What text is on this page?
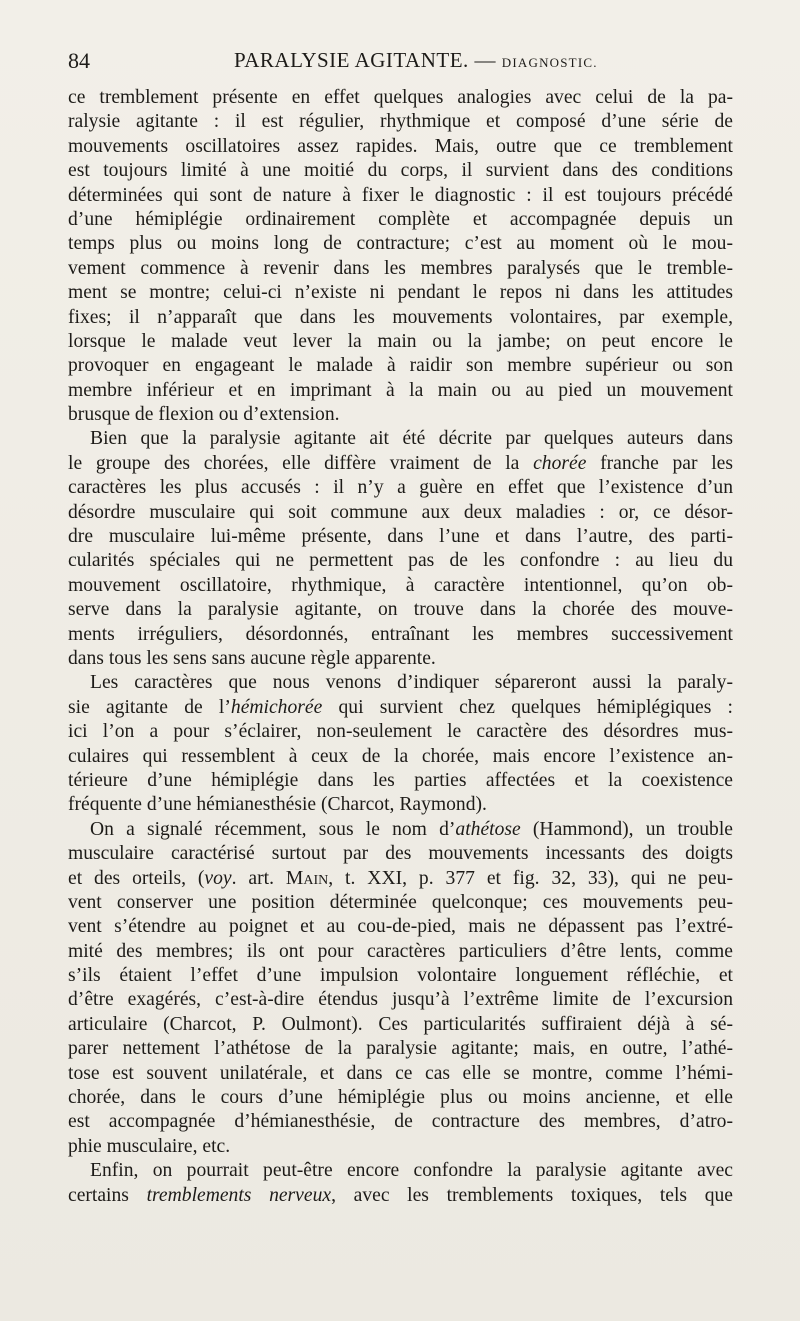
84	PARALYSIE AGITANTE. — DIAGNOSTIC.
ce tremblement présente en effet quelques analogies avec celui de la pa-
ralysie agitante : il est régulier, rhythmique et composé d’une série de
mouvements oscillatoires assez rapides. Mais, outre que ce tremblement
est toujours limité à une moitié du corps, il survient dans des conditions
déterminées qui sont de nature à fixer le diagnostic : il est toujours précédé
d’une hémiplégie ordinairement complète et accompagnée depuis un
temps plus ou moins long de contracture; c’est au moment où le mou-
vement commence à revenir dans les membres paralysés que le tremble-
ment se montre; celui-ci n’existe ni pendant le repos ni dans les attitudes
fixes; il n’apparaît que dans les mouvements volontaires, par exemple,
lorsque le malade veut lever la main ou la jambe; on peut encore le
provoquer en engageant le malade à raidir son membre supérieur ou son
membre inférieur et en imprimant à la main ou au pied un mouvement
brusque de flexion ou d’extension.
Bien que la paralysie agitante ait été décrite par quelques auteurs dans
le groupe des chorées, elle diffère vraiment de la chorée franche par les
caractères les plus accusés : il n’y a guère en effet que l’existence d’un
désordre musculaire qui soit commune aux deux maladies : or, ce désor-
dre musculaire lui-même présente, dans l’une et dans l’autre, des parti-
cularités spéciales qui ne permettent pas de les confondre : au lieu du
mouvement oscillatoire, rhythmique, à caractère intentionnel, qu’on ob-
serve dans la paralysie agitante, on trouve dans la chorée des mouve-
ments irréguliers, désordonnés, entraînant les membres successivement
dans tous les sens sans aucune règle apparente.
Les caractères que nous venons d’indiquer sépareront aussi la paraly-
sie agitante de l’hémichorée qui survient chez quelques hémiplégiques :
ici l’on a pour s’éclairer, non-seulement le caractère des désordres mus-
culaires qui ressemblent à ceux de la chorée, mais encore l’existence an-
térieure d’une hémiplégie dans les parties affectées et la coexistence
fréquente d’une hémianesthésie (Charcot, Raymond).
On a signalé récemment, sous le nom d’athétose (Hammond), un trouble
musculaire caractérisé surtout par des mouvements incessants des doigts
et des orteils, (voy. art. Main, t. XXI, p. 377 et fig. 32, 33), qui ne peu-
vent conserver une position déterminée quelconque; ces mouvements peu-
vent s’étendre au poignet et au cou-de-pied, mais ne dépassent pas l’extré-
mité des membres; ils ont pour caractères particuliers d’être lents, comme
s’ils étaient l’effet d’une impulsion volontaire longuement réfléchie, et
d’être exagérés, c’est-à-dire étendus jusqu’à l’extrême limite de l’excursion
articulaire (Charcot, P. Oulmont). Ces particularités suffiraient déjà à sé-
parer nettement l’athétose de la paralysie agitante; mais, en outre, l’athé-
tose est souvent unilatérale, et dans ce cas elle se montre, comme l’hémi-
chorée, dans le cours d’une hémiplégie plus ou moins ancienne, et elle
est accompagnée d’hémianesthésie, de contracture des membres, d’atro-
phie musculaire, etc.
Enfin, on pourrait peut-être encore confondre la paralysie agitante avec
certains tremblements nerveux, avec les tremblements toxiques, tels que
